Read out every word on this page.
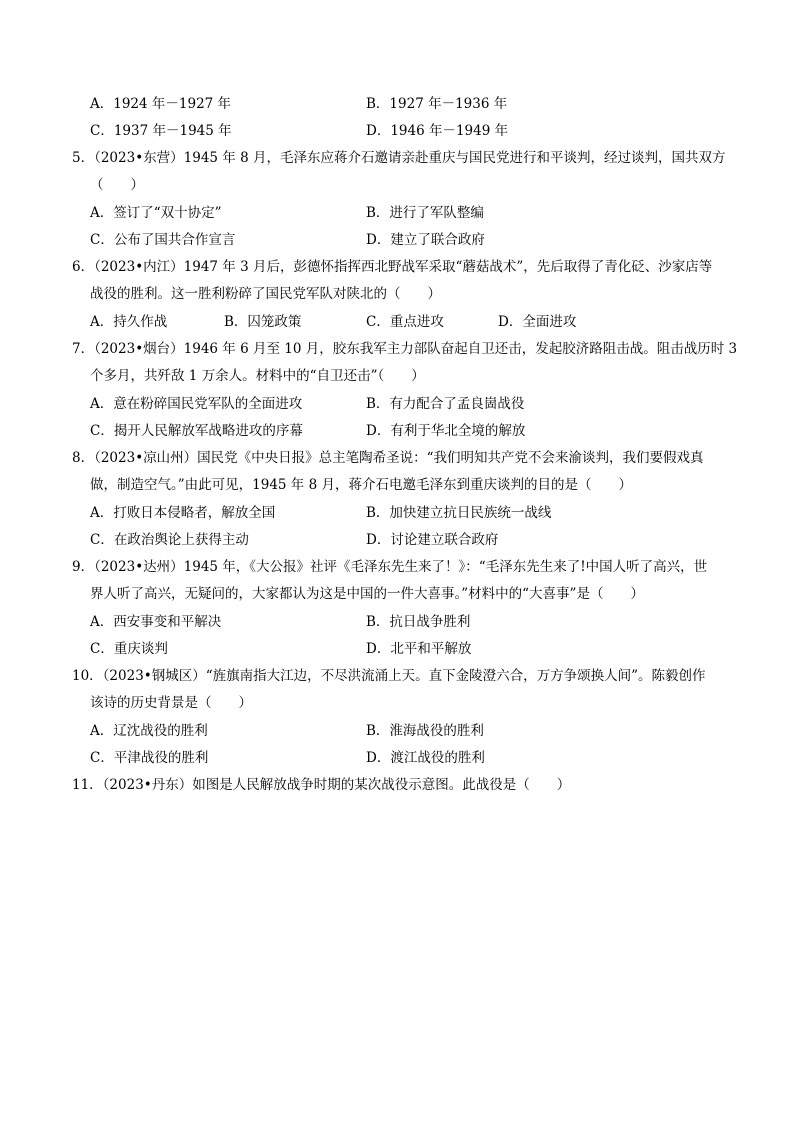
A．1924 年－1927 年	B．1927 年－1936 年
C．1937 年－1945 年	D．1946 年－1949 年
5．（2023•东营）1945 年 8 月，毛泽东应蒋介石邀请亲赴重庆与国民党进行和平谈判，经过谈判，国共双方
（　　）
A．签订了“双十协定”	B．进行了军队整编
C．公布了国共合作宣言	D．建立了联合政府
6．（2023•内江）1947 年 3 月后，彭德怀指挥西北野战军采取“蘑菇战术”，先后取得了青化砭、沙家店等
战役的胜利。这一胜利粉碎了国民党军队对陕北的（　　）
A．持久作战	B．囚笼政策	C．重点进攻	D．全面进攻
7．（2023•烟台）1946 年 6 月至 10 月，胶东我军主力部队奋起自卫还击，发起胶济路阻击战。阻击战历时 3
个多月，共歼敌 1 万余人。材料中的“自卫还击”（　　）
A．意在粉碎国民党军队的全面进攻	B．有力配合了孟良崮战役
C．揭开人民解放军战略进攻的序幕	D．有利于华北全境的解放
8．（2023•凉山州）国民党《中央日报》总主笔陶希圣说：“我们明知共产党不会来渝谈判，我们要假戏真
做，制造空气。”由此可见，1945 年 8 月，蒋介石电邀毛泽东到重庆谈判的目的是（　　）
A．打败日本侵略者，解放全国	B．加快建立抗日民族统一战线
C．在政治舆论上获得主动	D．讨论建立联合政府
9．（2023•达州）1945 年，《大公报》社评《毛泽东先生来了！》：“毛泽东先生来了!中国人听了高兴，世
界人听了高兴，无疑问的，大家都认为这是中国的一件大喜事。”材料中的“大喜事”是（　　）
A．西安事变和平解决	B．抗日战争胜利
C．重庆谈判	D．北平和平解放
10．（2023•钢城区）“旌旗南指大江边，不尽洪流涌上天。直下金陵澄六合，万方争颂换人间”。陈毅创作
该诗的历史背景是（　　）
A．辽沈战役的胜利	B．淮海战役的胜利
C．平津战役的胜利	D．渡江战役的胜利
11．（2023•丹东）如图是人民解放战争时期的某次战役示意图。此战役是（　　）
